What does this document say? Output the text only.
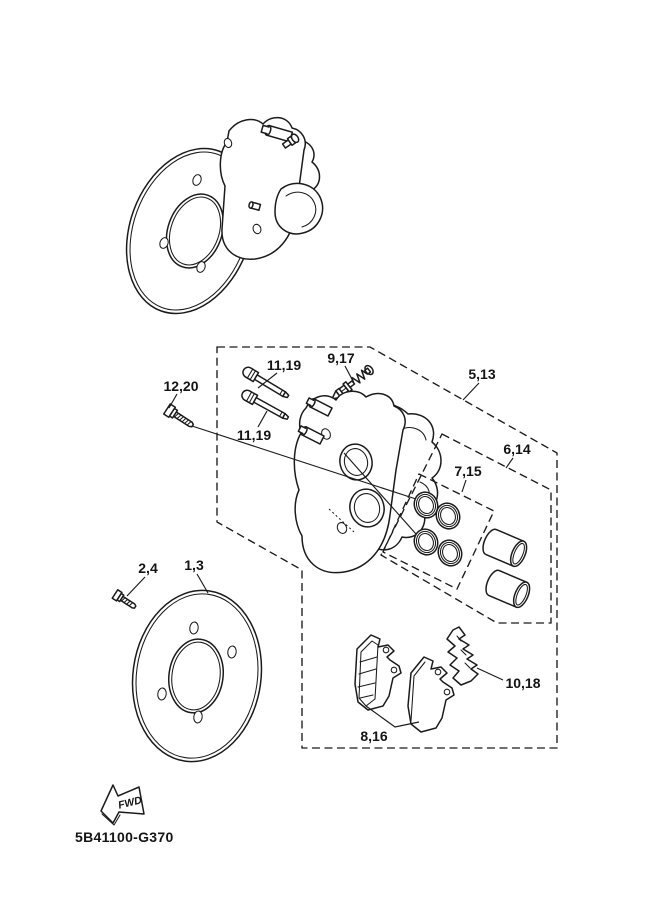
12,20
11,19
11,19
9,17
5,13
6,14
7,15
2,4 1,3
8,16
10,18
FWD
5B41100-G370
